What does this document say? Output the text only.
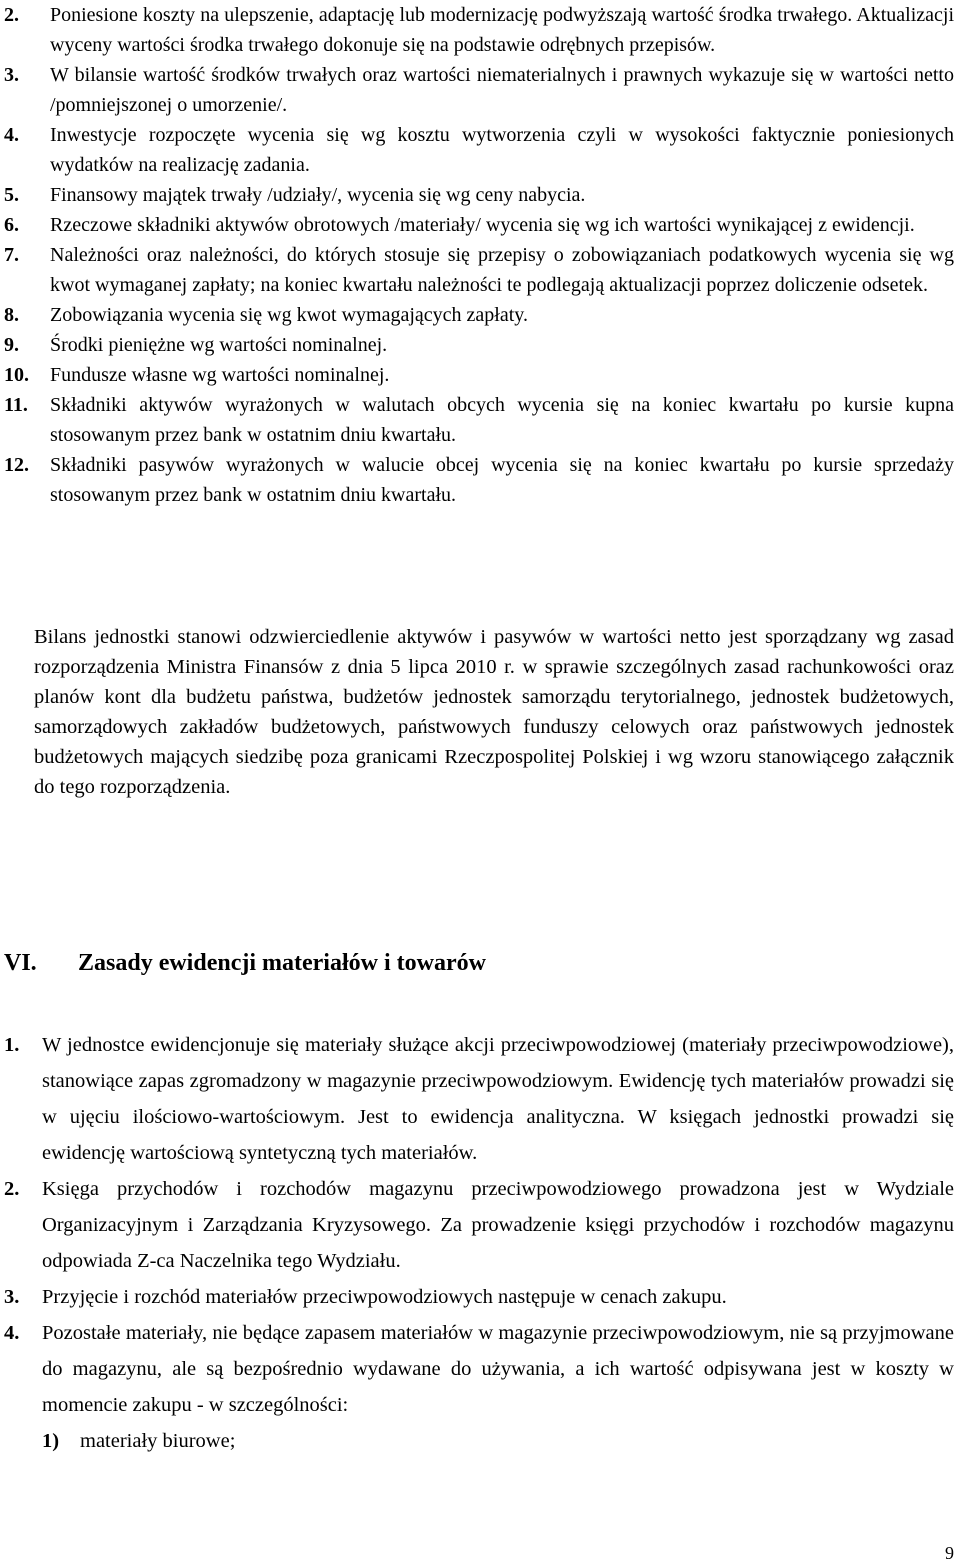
2. Poniesione koszty na ulepszenie, adaptację lub modernizację podwyższają wartość środka trwałego. Aktualizacji wyceny wartości środka trwałego dokonuje się na podstawie odrębnych przepisów.
3. W bilansie wartość środków trwałych oraz wartości niematerialnych i prawnych wykazuje się w wartości netto /pomniejszonej o umorzenie/.
4. Inwestycje rozpoczęte wycenia się wg kosztu wytworzenia czyli w wysokości faktycznie poniesionych wydatków na realizację zadania.
5. Finansowy majątek trwały /udziały/, wycenia się wg ceny nabycia.
6. Rzeczowe składniki aktywów obrotowych /materiały/ wycenia się wg ich wartości wynikającej z ewidencji.
7. Należności oraz należności, do których stosuje się przepisy o zobowiązaniach podatkowych wycenia się wg kwot wymaganej zapłaty; na koniec kwartału należności te podlegają aktualizacji poprzez doliczenie odsetek.
8. Zobowiązania wycenia się wg kwot wymagających zapłaty.
9. Środki pieniężne wg wartości nominalnej.
10. Fundusze własne wg wartości nominalnej.
11. Składniki aktywów wyrażonych w walutach obcych wycenia się na koniec kwartału po kursie kupna stosowanym przez bank w ostatnim dniu kwartału.
12. Składniki pasywów wyrażonych w walucie obcej wycenia się na koniec kwartału po kursie sprzedaży stosowanym przez bank w ostatnim dniu kwartału.

Bilans jednostki stanowi odzwierciedlenie aktywów i pasywów w wartości netto jest sporządzany wg zasad rozporządzenia Ministra Finansów z dnia 5 lipca 2010 r. w sprawie szczególnych zasad rachunkowości oraz planów kont dla budżetu państwa, budżetów jednostek samorządu terytorialnego, jednostek budżetowych, samorządowych zakładów budżetowych, państwowych funduszy celowych oraz państwowych jednostek budżetowych mających siedzibę poza granicami Rzeczpospolitej Polskiej i wg wzoru stanowiącego załącznik do tego rozporządzenia.

VI. Zasady ewidencji materiałów i towarów
1. W jednostce ewidencjonuje się materiały służące akcji przeciwpowodziowej (materiały przeciwpowodziowe), stanowiące zapas zgromadzony w magazynie przeciwpowodziowym. Ewidencję tych materiałów prowadzi się w ujęciu ilościowo-wartościowym. Jest to ewidencja analityczna. W księgach jednostki prowadzi się ewidencję wartościową syntetyczną tych materiałów.
2. Księga przychodów i rozchodów magazynu przeciwpowodziowego prowadzona jest w Wydziale Organizacyjnym i Zarządzania Kryzysowego. Za prowadzenie księgi przychodów i rozchodów magazynu odpowiada Z-ca Naczelnika tego Wydziału.
3. Przyjęcie i rozchód materiałów przeciwpowodziowych następuje w cenach zakupu.
4. Pozostałe materiały, nie będące zapasem materiałów w magazynie przeciwpowodziowym, nie są przyjmowane do magazynu, ale są bezpośrednio wydawane do używania, a ich wartość odpisywana jest w koszty w momencie zakupu - w szczególności:
1) materiały biurowe;
9
